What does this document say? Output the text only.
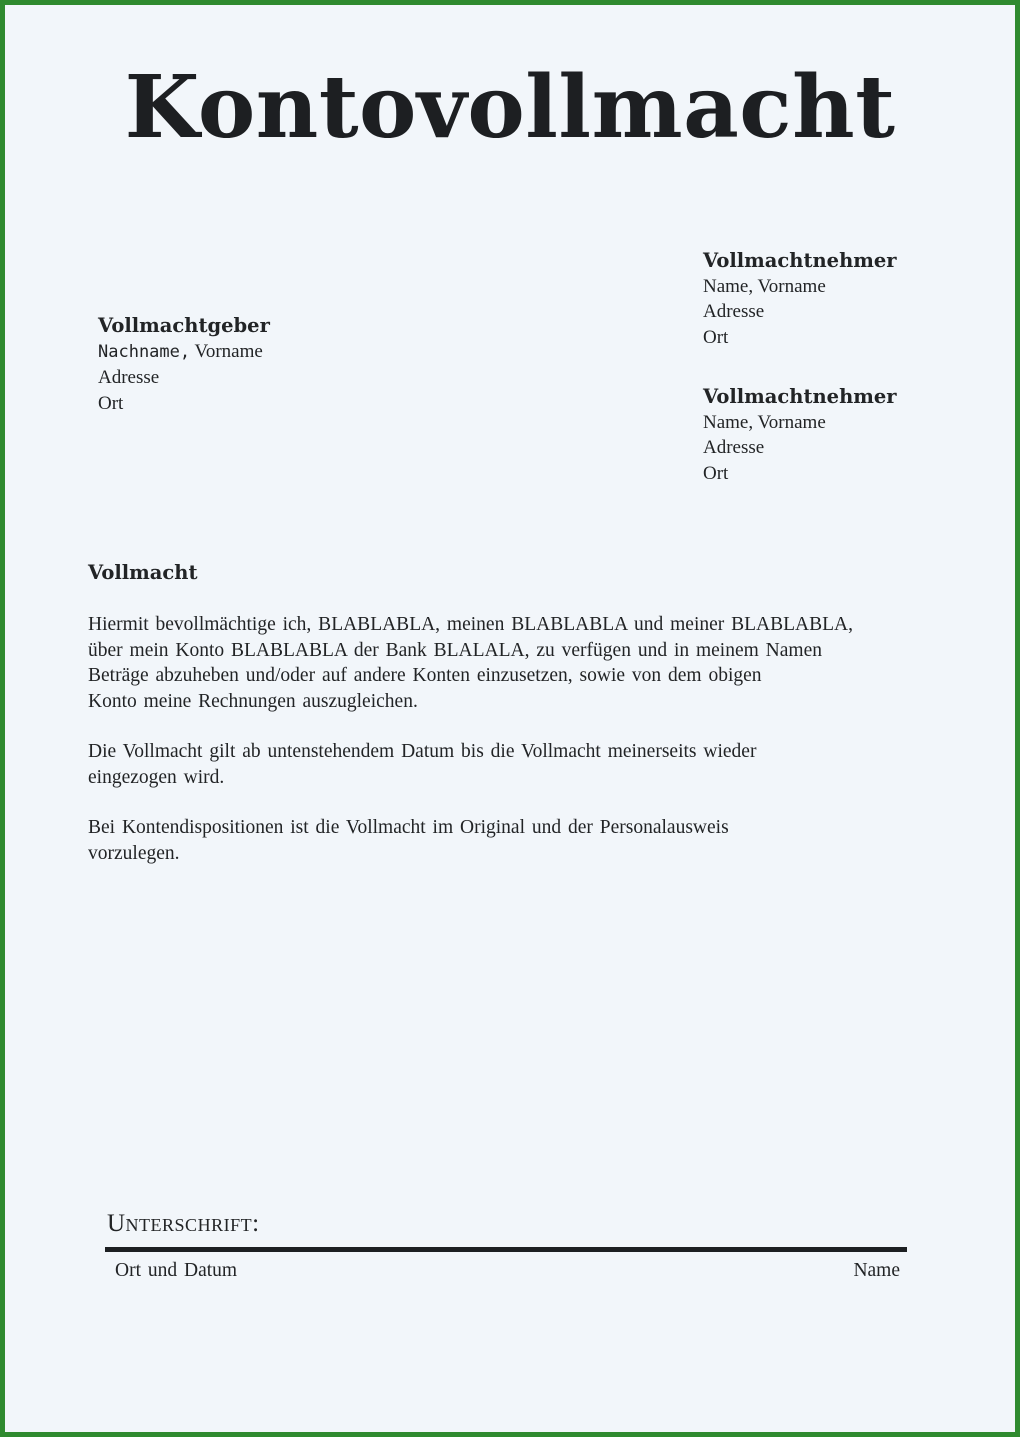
Kontovollmacht
Vollmachtgeber
Nachname, Vorname
Adresse
Ort
Vollmachtnehmer
Name, Vorname
Adresse
Ort
Vollmachtnehmer
Name, Vorname
Adresse
Ort
Vollmacht

Hiermit bevollmächtige ich, BLABLABLA, meinen BLABLABLA und meiner BLABLABLA,
über mein Konto BLABLABLA der Bank BLALALA, zu verfügen und in meinem Namen
Beträge abzuheben und/oder auf andere Konten einzusetzen, sowie von dem obigen
Konto meine Rechnungen auszugleichen.

Die Vollmacht gilt ab untenstehendem Datum bis die Vollmacht meinerseits wieder
eingezogen wird.

Bei Kontendispositionen ist die Vollmacht im Original und der Personalausweis
vorzulegen.

Unterschrift:
Ort und Datum	Name
